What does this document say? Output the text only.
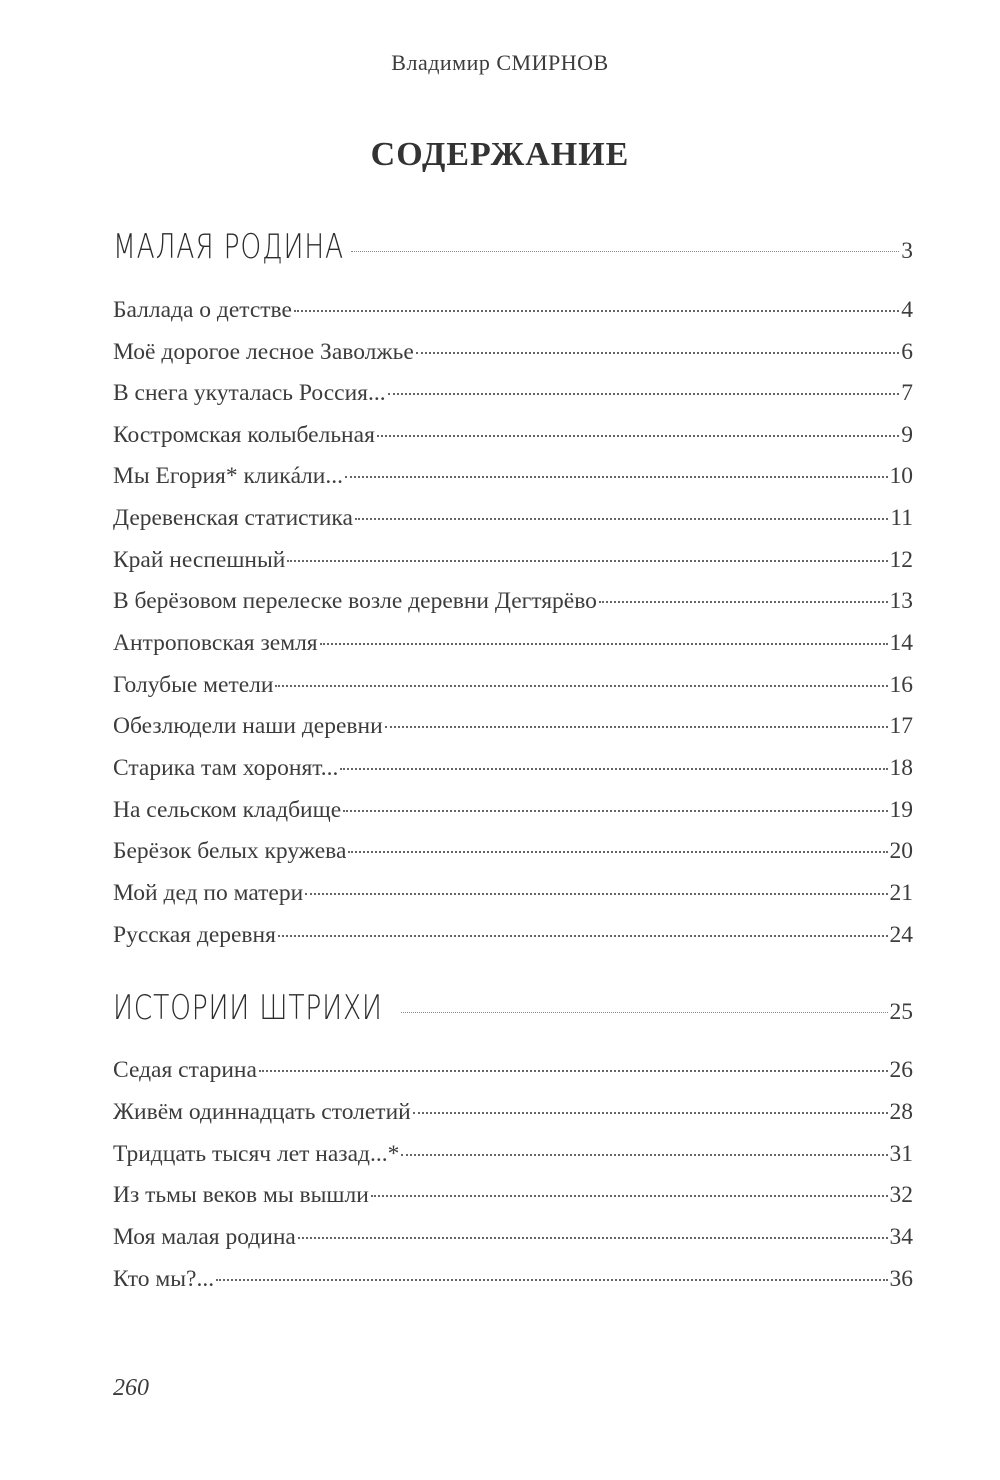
Владимир СМИРНОВ
СОДЕРЖАНИЕ
МАЛАЯ РОДИНА	3
Баллада о детстве	4
Моё дорогое лесное Заволжье	6
В снега укуталась Россия...	7
Костромская колыбельная	9
Мы Егория* кликáли...	10
Деревенская статистика	11
Край неспешный	12
В берёзовом перелеске возле деревни Дегтярёво	13
Антроповская земля	14
Голубые метели	16
Обезлюдели наши деревни	17
Старика там хоронят...	18
На сельском кладбище	19
Берёзок белых кружева	20
Мой дед по матери	21
Русская деревня	24
ИСТОРИИ ШТРИХИ	25
Седая старина	26
Живём одиннадцать столетий	28
Тридцать тысяч лет назад...*	31
Из тьмы веков мы вышли	32
Моя малая родина	34
Кто мы?...	36
260
